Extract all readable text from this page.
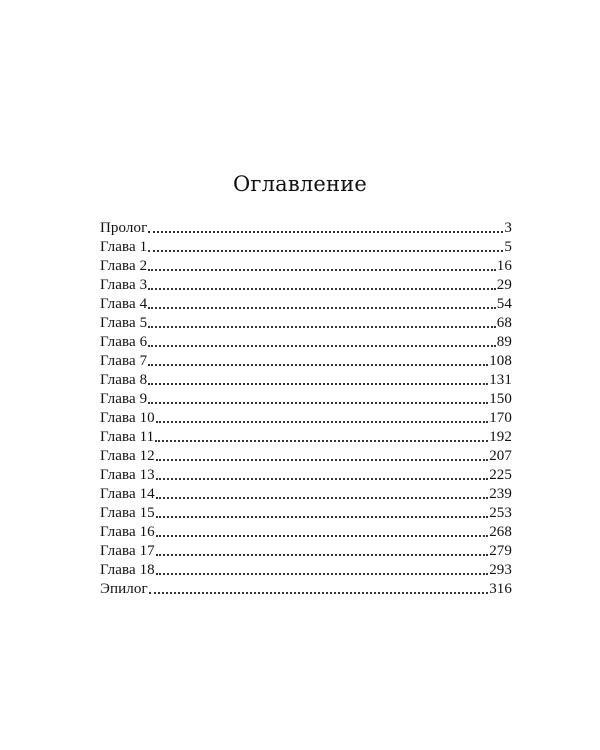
Оглавление
Пролог	3
Глава 1	5
Глава 2	16
Глава 3	29
Глава 4	54
Глава 5	68
Глава 6	89
Глава 7	108
Глава 8	131
Глава 9	150
Глава 10	170
Глава 11	192
Глава 12	207
Глава 13	225
Глава 14	239
Глава 15	253
Глава 16	268
Глава 17	279
Глава 18	293
Эпилог	316
